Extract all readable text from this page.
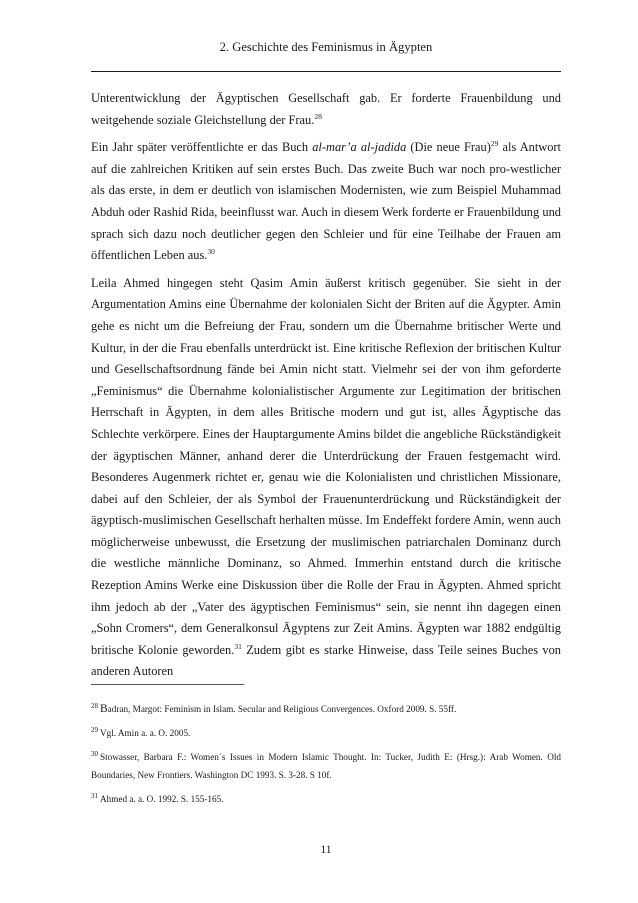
2. Geschichte des Feminismus in Ägypten

Unterentwicklung der Ägyptischen Gesellschaft gab. Er forderte Frauenbildung und weitgehende soziale Gleichstellung der Frau.$^{28}$

Ein Jahr später veröffentlichte er das Buch al-mar’a al-jadida (Die neue Frau)$^{29}$ als Antwort auf die zahlreichen Kritiken auf sein erstes Buch. Das zweite Buch war noch pro-westlicher als das erste, in dem er deutlich von islamischen Modernisten, wie zum Beispiel Muhammad Abduh oder Rashid Rida, beeinflusst war. Auch in diesem Werk forderte er Frauenbildung und sprach sich dazu noch deutlicher gegen den Schleier und für eine Teilhabe der Frauen am öffentlichen Leben aus.$^{30}$

Leila Ahmed hingegen steht Qasim Amin äußerst kritisch gegenüber. Sie sieht in der Argumentation Amins eine Übernahme der kolonialen Sicht der Briten auf die Ägypter. Amin gehe es nicht um die Befreiung der Frau, sondern um die Übernahme britischer Werte und Kultur, in der die Frau ebenfalls unterdrückt ist. Eine kritische Reflexion der britischen Kultur und Gesellschaftsordnung fände bei Amin nicht statt. Vielmehr sei der von ihm geforderte „Feminismus“ die Übernahme kolonialistischer Argumente zur Legitimation der britischen Herrschaft in Ägypten, in dem alles Britische modern und gut ist, alles Ägyptische das Schlechte verkörpere. Eines der Hauptargumente Amins bildet die angebliche Rückständigkeit der ägyptischen Männer, anhand derer die Unterdrückung der Frauen festgemacht wird. Besonderes Augenmerk richtet er, genau wie die Kolonialisten und christlichen Missionare, dabei auf den Schleier, der als Symbol der Frauenunterdrückung und Rückständigkeit der ägyptisch-muslimischen Gesellschaft herhalten müsse. Im Endeffekt fordere Amin, wenn auch möglicherweise unbewusst, die Ersetzung der muslimischen patriarchalen Dominanz durch die westliche männliche Dominanz, so Ahmed. Immerhin entstand durch die kritische Rezeption Amins Werke eine Diskussion über die Rolle der Frau in Ägypten. Ahmed spricht ihm jedoch ab der „Vater des ägyptischen Feminismus“ sein, sie nennt ihn dagegen einen „Sohn Cromers“, dem Generalkonsul Ägyptens zur Zeit Amins. Ägypten war 1882 endgültig britische Kolonie geworden.$^{31}$ Zudem gibt es starke Hinweise, dass Teile seines Buches von anderen Autoren

$^{28}$ Badran, Margot: Feminism in Islam. Secular and Religious Convergences. Oxford 2009. S. 55ff.

$^{29}$ Vgl. Amin a. a. O. 2005.

$^{30}$ Stowasser, Barbara F.: Women´s Issues in Modern Islamic Thought. In: Tucker, Judith E: (Hrsg.): Arab Women. Old Boundaries, New Frontiers. Washington DC 1993. S. 3-28. S 10f.

$^{31}$ Ahmed a. a. O. 1992. S. 155-165.

11
